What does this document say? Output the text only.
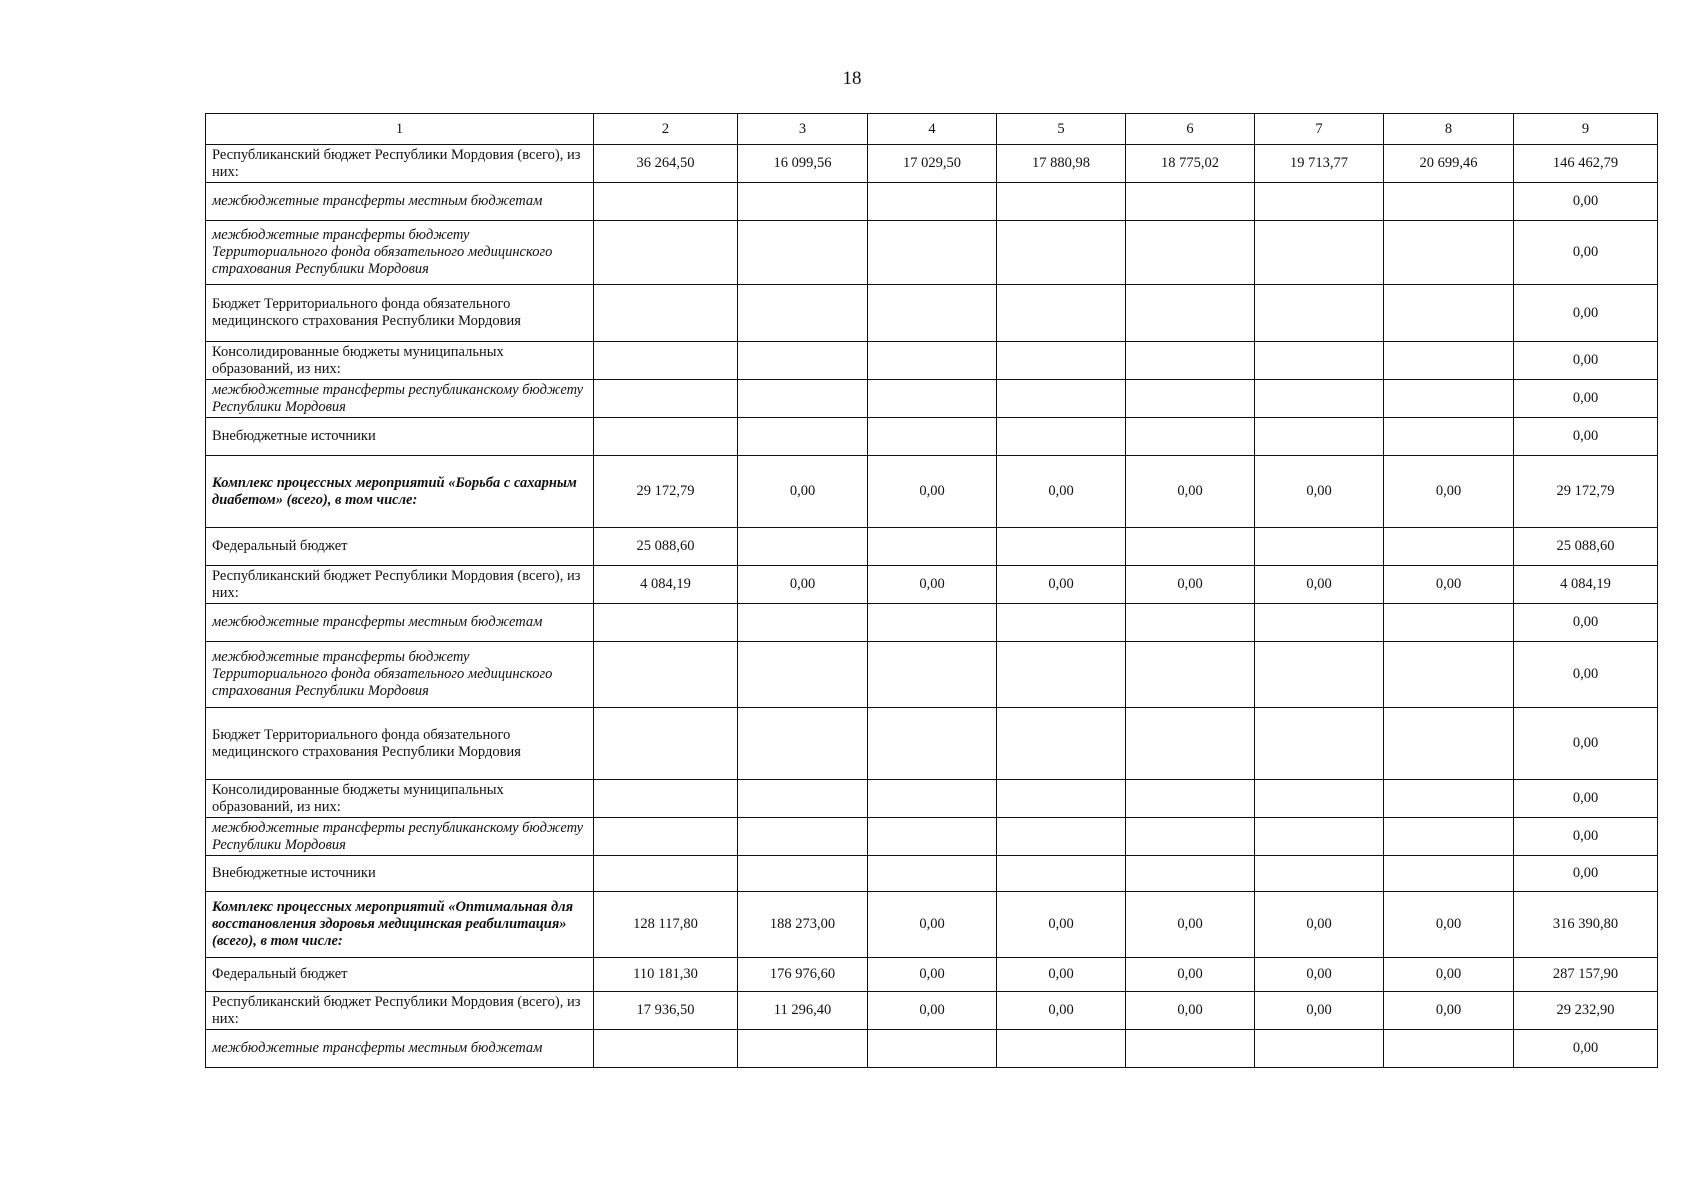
18
1	2	3	4	5	6	7	8	9
Республиканский бюджет Республики Мордовия (всего), из них:	36 264,50	16 099,56	17 029,50	17 880,98	18 775,02	19 713,77	20 699,46	146 462,79
межбюджетные трансферты местным бюджетам								0,00
межбюджетные трансферты бюджету Территориального фонда обязательного медицинского страхования Республики Мордовия								0,00
Бюджет Территориального фонда обязательного медицинского страхования Республики Мордовия								0,00
Консолидированные бюджеты муниципальных образований, из них:								0,00
межбюджетные трансферты республиканскому бюджету Республики Мордовия								0,00
Внебюджетные источники								0,00
Комплекс процессных мероприятий «Борьба с сахарным диабетом» (всего), в том числе:	29 172,79	0,00	0,00	0,00	0,00	0,00	0,00	29 172,79
Федеральный бюджет	25 088,60							25 088,60
Республиканский бюджет Республики Мордовия (всего), из них:	4 084,19	0,00	0,00	0,00	0,00	0,00	0,00	4 084,19
межбюджетные трансферты местным бюджетам								0,00
межбюджетные трансферты бюджету Территориального фонда обязательного медицинского страхования Республики Мордовия								0,00
Бюджет Территориального фонда обязательного медицинского страхования Республики Мордовия								0,00
Консолидированные бюджеты муниципальных образований, из них:								0,00
межбюджетные трансферты республиканскому бюджету Республики Мордовия								0,00
Внебюджетные источники								0,00
Комплекс процессных мероприятий «Оптимальная для восстановления здоровья медицинская реабилитация» (всего), в том числе:	128 117,80	188 273,00	0,00	0,00	0,00	0,00	0,00	316 390,80
Федеральный бюджет	110 181,30	176 976,60	0,00	0,00	0,00	0,00	0,00	287 157,90
Республиканский бюджет Республики Мордовия (всего), из них:	17 936,50	11 296,40	0,00	0,00	0,00	0,00	0,00	29 232,90
межбюджетные трансферты местным бюджетам								0,00
